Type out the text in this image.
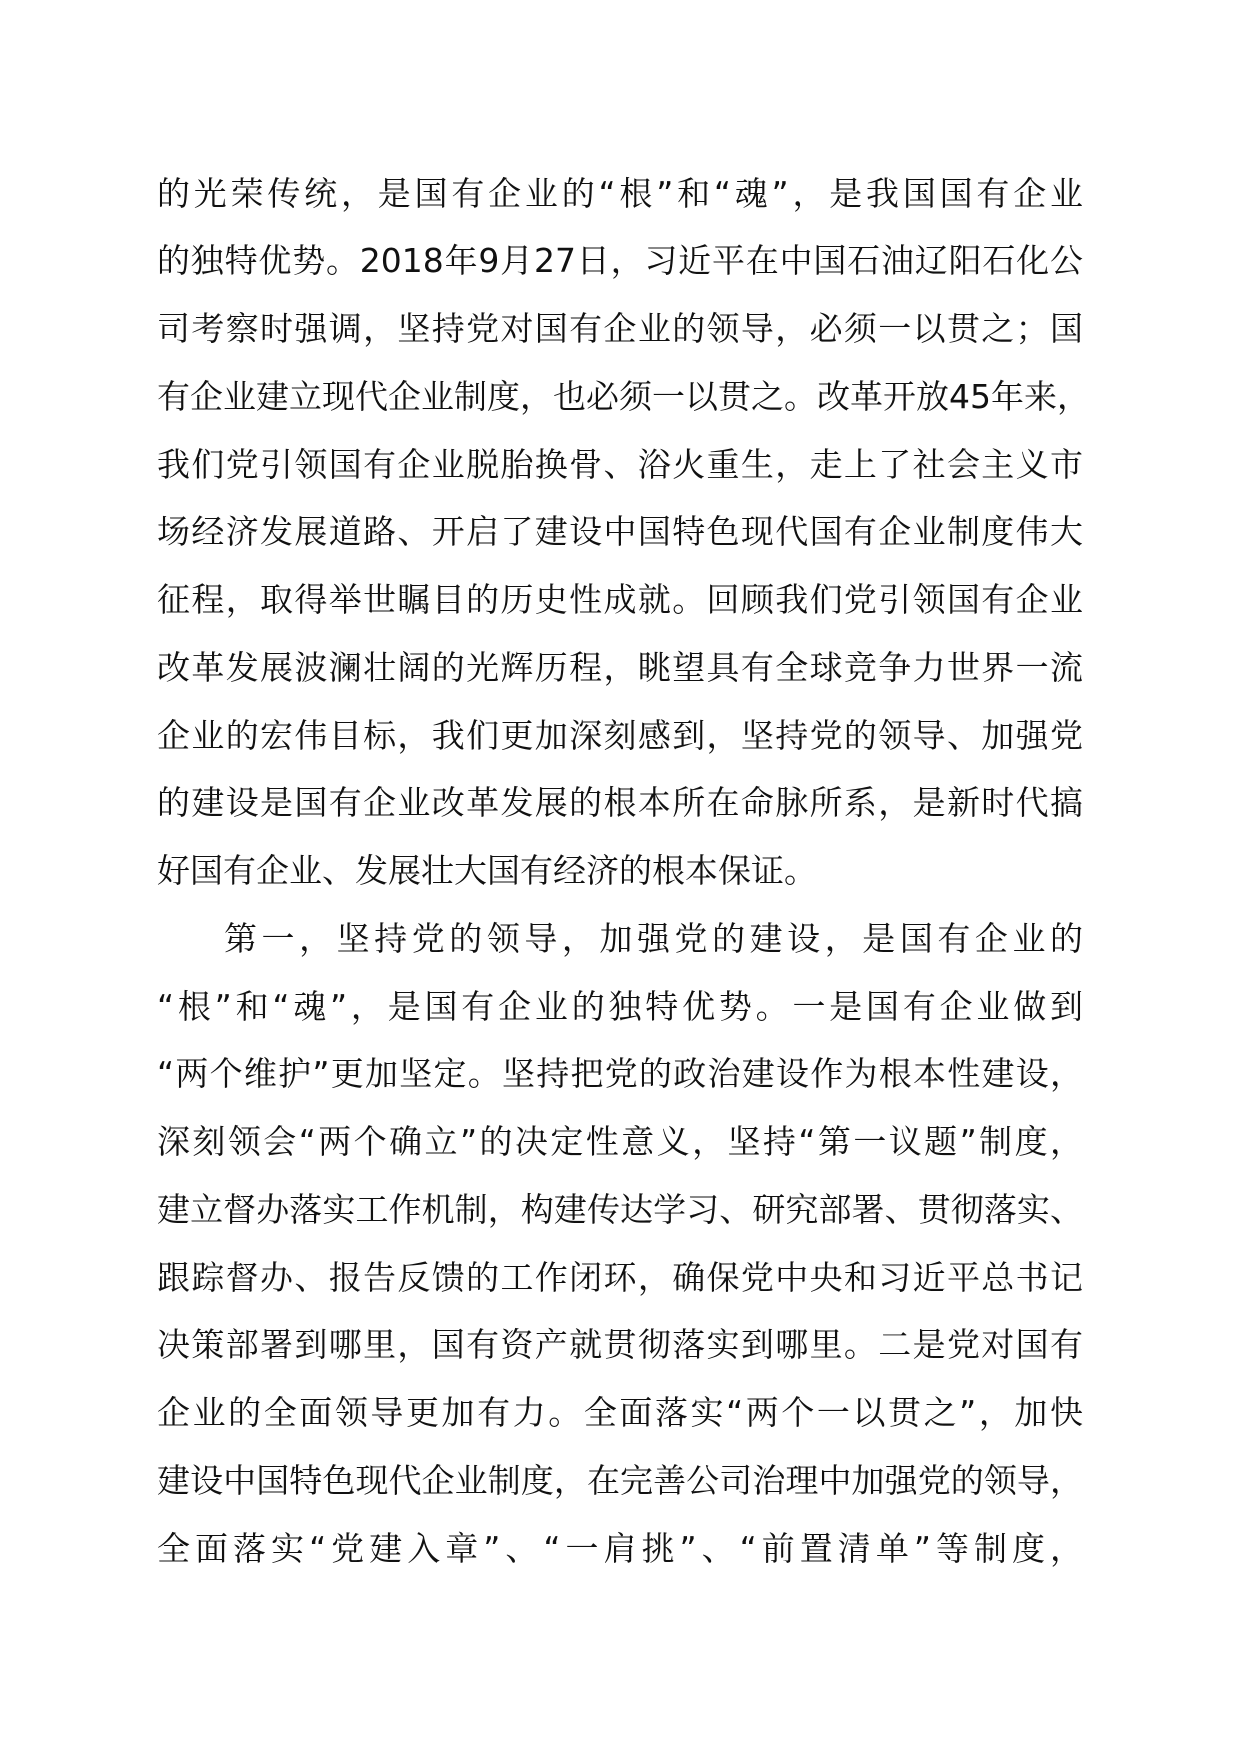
的光荣传统，是国有企业的“根”和“魂”，是我国国有企业
的独特优势。2018年9月27日，习近平在中国石油辽阳石化公
司考察时强调，坚持党对国有企业的领导，必须一以贯之；国
有企业建立现代企业制度，也必须一以贯之。改革开放45年来，
我们党引领国有企业脱胎换骨、浴火重生，走上了社会主义市
场经济发展道路、开启了建设中国特色现代国有企业制度伟大
征程，取得举世瞩目的历史性成就。回顾我们党引领国有企业
改革发展波澜壮阔的光辉历程，眺望具有全球竞争力世界一流
企业的宏伟目标，我们更加深刻感到，坚持党的领导、加强党
的建设是国有企业改革发展的根本所在命脉所系，是新时代搞
好国有企业、发展壮大国有经济的根本保证。
第一，坚持党的领导，加强党的建设，是国有企业的
“根”和“魂”，是国有企业的独特优势。一是国有企业做到
“两个维护”更加坚定。坚持把党的政治建设作为根本性建设，
深刻领会“两个确立”的决定性意义，坚持“第一议题”制度，
建立督办落实工作机制，构建传达学习、研究部署、贯彻落实、
跟踪督办、报告反馈的工作闭环，确保党中央和习近平总书记
决策部署到哪里，国有资产就贯彻落实到哪里。二是党对国有
企业的全面领导更加有力。全面落实“两个一以贯之”，加快
建设中国特色现代企业制度，在完善公司治理中加强党的领导，
全面落实“党建入章”、“一肩挑”、“前置清单”等制度，
